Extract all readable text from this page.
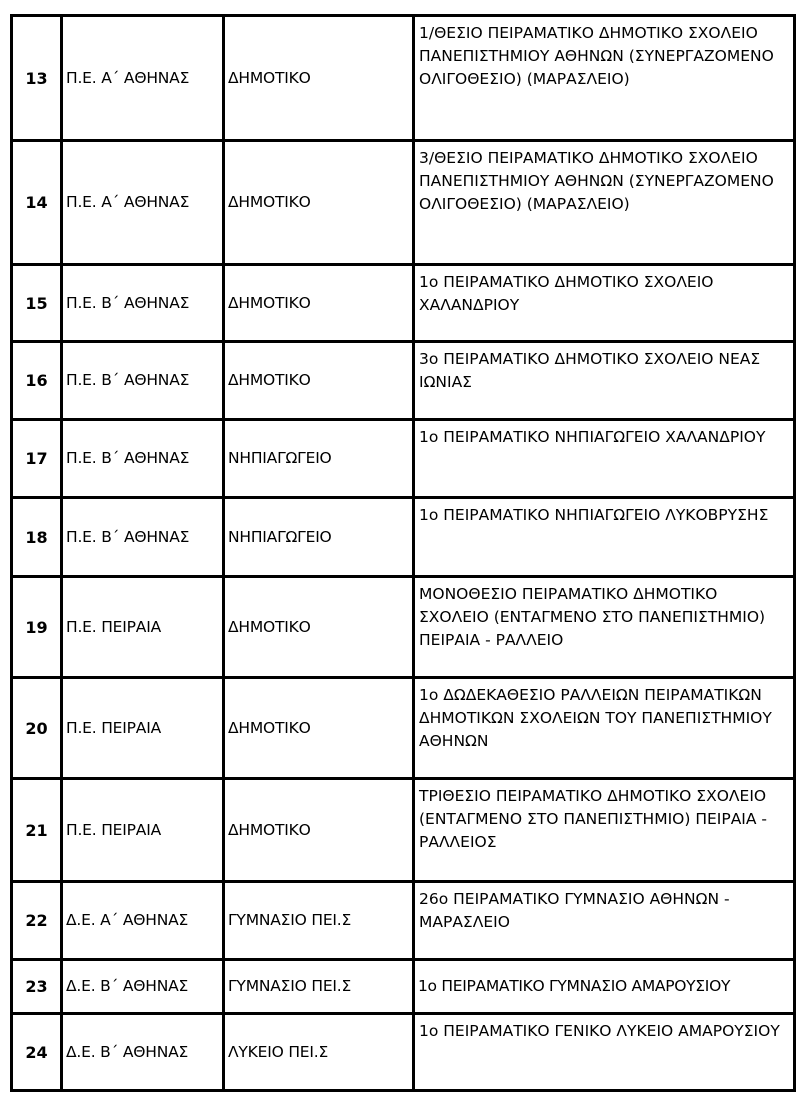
13	Π.Ε. Α΄ ΑΘΗΝΑΣ	ΔΗΜΟΤΙΚΟ	1/ΘΕΣΙΟ ΠΕΙΡΑΜΑΤΙΚΟ ΔΗΜΟΤΙΚΟ ΣΧΟΛΕΙΟ ΠΑΝΕΠΙΣΤΗΜΙΟΥ ΑΘΗΝΩΝ (ΣΥΝΕΡΓΑΖΟΜΕΝΟ ΟΛΙΓΟΘΕΣΙΟ) (ΜΑΡΑΣΛΕΙΟ)
14	Π.Ε. Α΄ ΑΘΗΝΑΣ	ΔΗΜΟΤΙΚΟ	3/ΘΕΣΙΟ ΠΕΙΡΑΜΑΤΙΚΟ ΔΗΜΟΤΙΚΟ ΣΧΟΛΕΙΟ ΠΑΝΕΠΙΣΤΗΜΙΟΥ ΑΘΗΝΩΝ (ΣΥΝΕΡΓΑΖΟΜΕΝΟ ΟΛΙΓΟΘΕΣΙΟ) (ΜΑΡΑΣΛΕΙΟ)
15	Π.Ε. Β΄ ΑΘΗΝΑΣ	ΔΗΜΟΤΙΚΟ	1ο ΠΕΙΡΑΜΑΤΙΚΟ ΔΗΜΟΤΙΚΟ ΣΧΟΛΕΙΟ ΧΑΛΑΝΔΡΙΟΥ
16	Π.Ε. Β΄ ΑΘΗΝΑΣ	ΔΗΜΟΤΙΚΟ	3ο ΠΕΙΡΑΜΑΤΙΚΟ ΔΗΜΟΤΙΚΟ ΣΧΟΛΕΙΟ ΝΕΑΣ ΙΩΝΙΑΣ
17	Π.Ε. Β΄ ΑΘΗΝΑΣ	ΝΗΠΙΑΓΩΓΕΙΟ	1ο ΠΕΙΡΑΜΑΤΙΚΟ ΝΗΠΙΑΓΩΓΕΙΟ ΧΑΛΑΝΔΡΙΟΥ
18	Π.Ε. Β΄ ΑΘΗΝΑΣ	ΝΗΠΙΑΓΩΓΕΙΟ	1ο ΠΕΙΡΑΜΑΤΙΚΟ ΝΗΠΙΑΓΩΓΕΙΟ ΛΥΚΟΒΡΥΣΗΣ
19	Π.Ε. ΠΕΙΡΑΙΑ	ΔΗΜΟΤΙΚΟ	ΜΟΝΟΘΕΣΙΟ ΠΕΙΡΑΜΑΤΙΚΟ ΔΗΜΟΤΙΚΟ ΣΧΟΛΕΙΟ (ΕΝΤΑΓΜΕΝΟ ΣΤΟ ΠΑΝΕΠΙΣΤΗΜΙΟ) ΠΕΙΡΑΙΑ - ΡΑΛΛΕΙΟ
20	Π.Ε. ΠΕΙΡΑΙΑ	ΔΗΜΟΤΙΚΟ	1ο ΔΩΔΕΚΑΘΕΣΙΟ ΡΑΛΛΕΙΩΝ ΠΕΙΡΑΜΑΤΙΚΩΝ ΔΗΜΟΤΙΚΩΝ ΣΧΟΛΕΙΩΝ ΤΟΥ ΠΑΝΕΠΙΣΤΗΜΙΟΥ ΑΘΗΝΩΝ
21	Π.Ε. ΠΕΙΡΑΙΑ	ΔΗΜΟΤΙΚΟ	ΤΡΙΘΕΣΙΟ ΠΕΙΡΑΜΑΤΙΚΟ ΔΗΜΟΤΙΚΟ ΣΧΟΛΕΙΟ (ΕΝΤΑΓΜΕΝΟ ΣΤΟ ΠΑΝΕΠΙΣΤΗΜΙΟ) ΠΕΙΡΑΙΑ - ΡΑΛΛΕΙΟΣ
22	Δ.Ε. Α΄ ΑΘΗΝΑΣ	ΓΥΜΝΑΣΙΟ ΠΕΙ.Σ	26ο ΠΕΙΡΑΜΑΤΙΚΟ ΓΥΜΝΑΣΙΟ ΑΘΗΝΩΝ - ΜΑΡΑΣΛΕΙΟ
23	Δ.Ε. Β΄ ΑΘΗΝΑΣ	ΓΥΜΝΑΣΙΟ ΠΕΙ.Σ	1ο ΠΕΙΡΑΜΑΤΙΚΟ ΓΥΜΝΑΣΙΟ ΑΜΑΡΟΥΣΙΟΥ
24	Δ.Ε. Β΄ ΑΘΗΝΑΣ	ΛΥΚΕΙΟ ΠΕΙ.Σ	1ο ΠΕΙΡΑΜΑΤΙΚΟ ΓΕΝΙΚΟ ΛΥΚΕΙΟ ΑΜΑΡΟΥΣΙΟΥ
